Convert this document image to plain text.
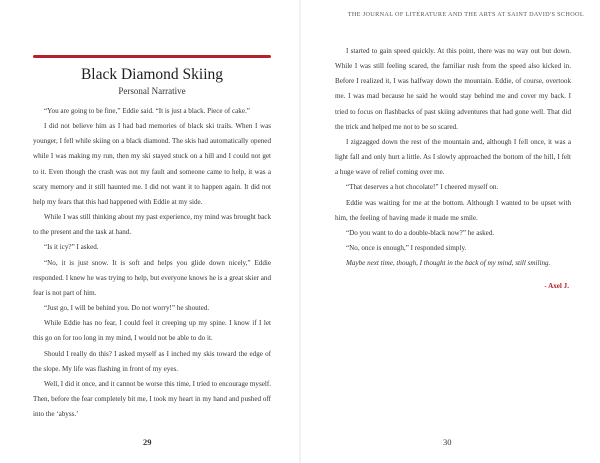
Black Diamond Skiing
Personal Narrative

“You are going to be fine,” Eddie said. “It is just a black. Piece of cake.”

I did not believe him as I had bad memories of black ski trails. When I was younger, I fell while skiing on a black diamond. The skis had automatically opened while I was making my run, then my ski stayed stuck on a hill and I could not get to it. Even though the crash was not my fault and someone came to help, it was a scary memory and it still haunted me. I did not want it to happen again. It did not help my fears that this had happened with Eddie at my side.

While I was still thinking about my past experience, my mind was brought back to the present and the task at hand.

“Is it icy?” I asked.

“No, it is just snow. It is soft and helps you glide down nicely,” Eddie responded. I knew he was trying to help, but everyone knows he is a great skier and fear is not part of him.

“Just go, I will be behind you. Do not worry!” he shouted.

While Eddie has no fear, I could feel it creeping up my spine. I know if I let this go on for too long in my mind, I would not be able to do it.

Should I really do this? I asked myself as I inched my skis toward the edge of the slope. My life was flashing in front of my eyes.

Well, I did it once, and it cannot be worse this time, I tried to encourage myself. Then, before the fear completely bit me, I took my heart in my hand and pushed off into the ‘abyss.’

29
THE JOURNAL OF LITERATURE AND THE ARTS AT SAINT DAVID'S SCHOOL

I started to gain speed quickly. At this point, there was no way out but down. While I was still feeling scared, the familiar rush from the speed also kicked in. Before I realized it, I was halfway down the mountain. Eddie, of course, overtook me. I was mad because he said he would stay behind me and cover my back. I tried to focus on flashbacks of past skiing adventures that had gone well. That did the trick and helped me not to be so scared.

I zigzagged down the rest of the mountain and, although I fell once, it was a light fall and only hurt a little. As I slowly approached the bottom of the hill, I felt a huge wave of relief coming over me.

“That deserves a hot chocolate!” I cheered myself on.

Eddie was waiting for me at the bottom. Although I wanted to be upset with him, the feeling of having made it made me smile.

“Do you want to do a double-black now?” he asked.

“No, once is enough,” I responded simply.

Maybe next time, though, I thought in the back of my mind, still smiling.

- Axel J.

30
